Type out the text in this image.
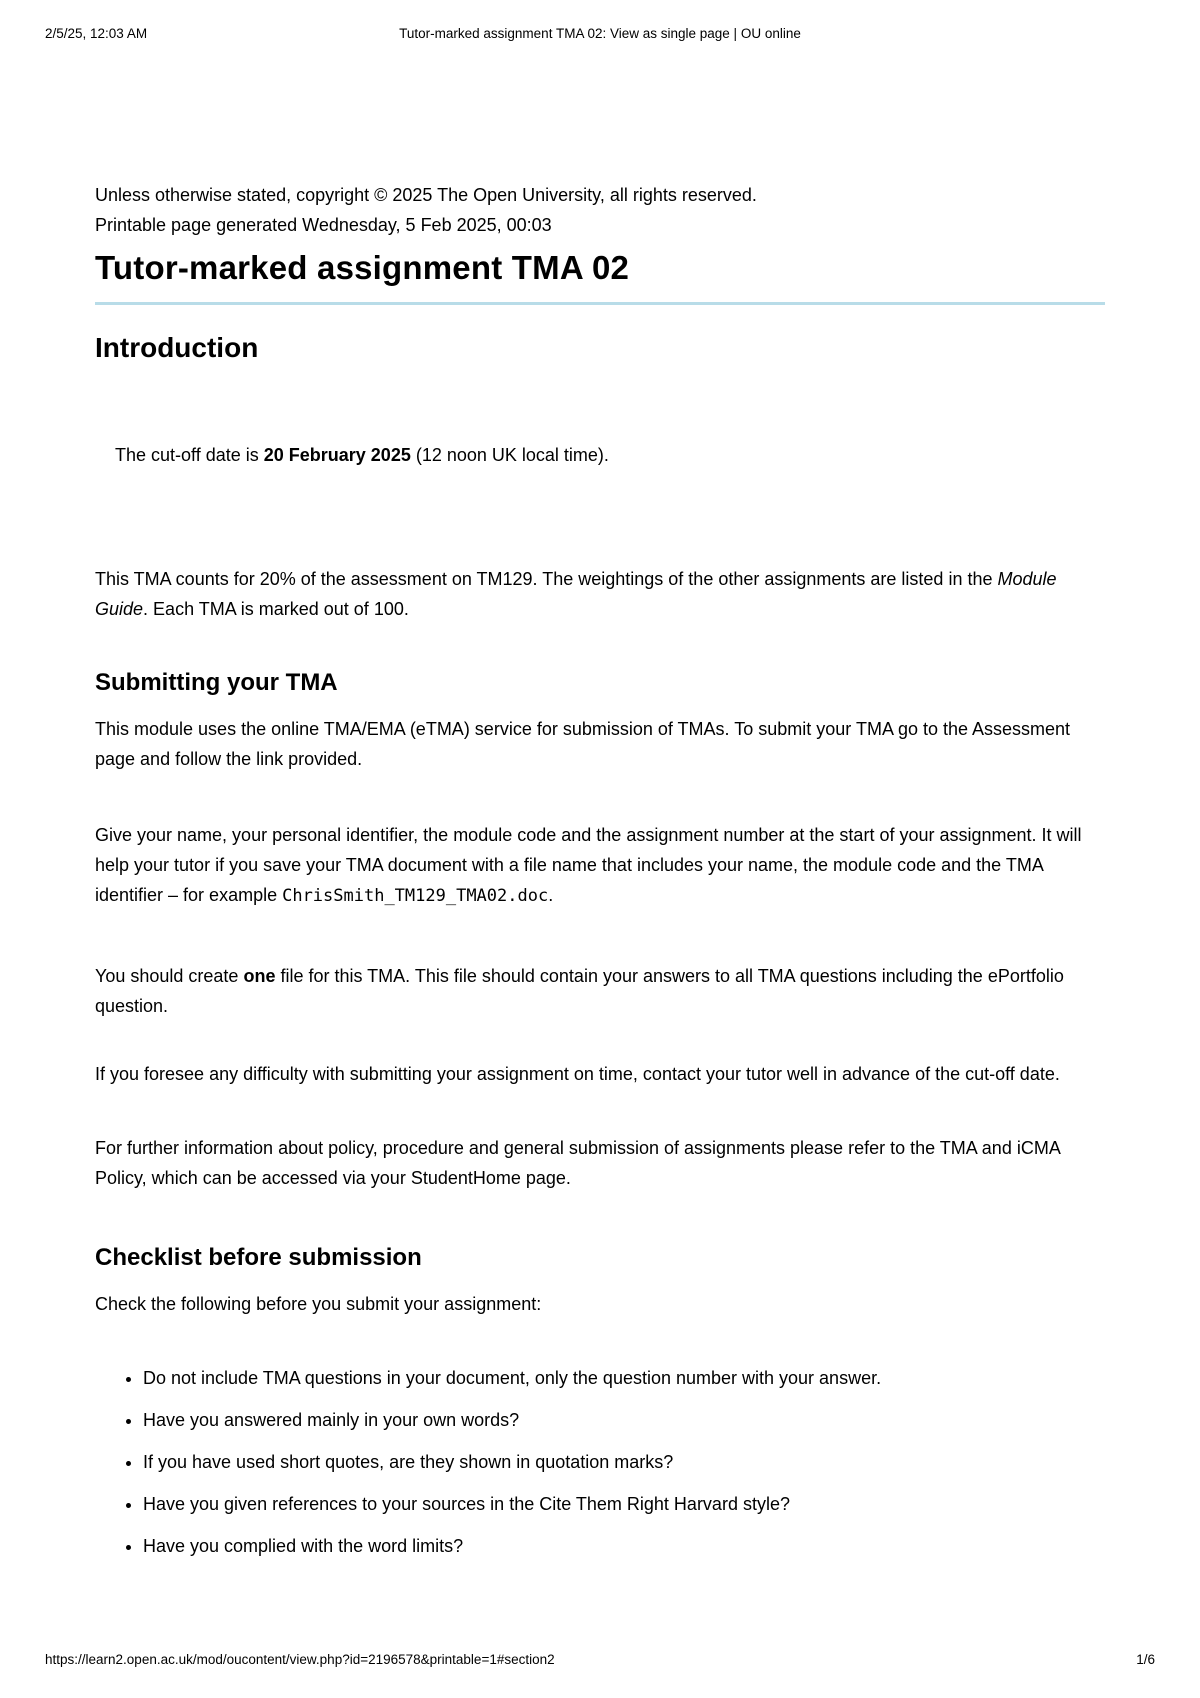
2/5/25, 12:03 AM	Tutor-marked assignment TMA 02: View as single page | OU online

Unless otherwise stated, copyright © 2025 The Open University, all rights reserved.
Printable page generated Wednesday, 5 Feb 2025, 00:03

Tutor-marked assignment TMA 02
Introduction

The cut-off date is 20 February 2025 (12 noon UK local time).

This TMA counts for 20% of the assessment on TM129. The weightings of the other assignments are listed in the Module Guide. Each TMA is marked out of 100.

Submitting your TMA

This module uses the online TMA/EMA (eTMA) service for submission of TMAs. To submit your TMA go to the Assessment page and follow the link provided.

Give your name, your personal identifier, the module code and the assignment number at the start of your assignment. It will help your tutor if you save your TMA document with a file name that includes your name, the module code and the TMA identifier – for example ChrisSmith_TM129_TMA02.doc.

You should create one file for this TMA. This file should contain your answers to all TMA questions including the ePortfolio question.

If you foresee any difficulty with submitting your assignment on time, contact your tutor well in advance of the cut-off date.

For further information about policy, procedure and general submission of assignments please refer to the TMA and iCMA Policy, which can be accessed via your StudentHome page.

Checklist before submission

Check the following before you submit your assignment:

• Do not include TMA questions in your document, only the question number with your answer.
• Have you answered mainly in your own words?
• If you have used short quotes, are they shown in quotation marks?
• Have you given references to your sources in the Cite Them Right Harvard style?
• Have you complied with the word limits?
https://learn2.open.ac.uk/mod/oucontent/view.php?id=2196578&printable=1#section2	1/6
